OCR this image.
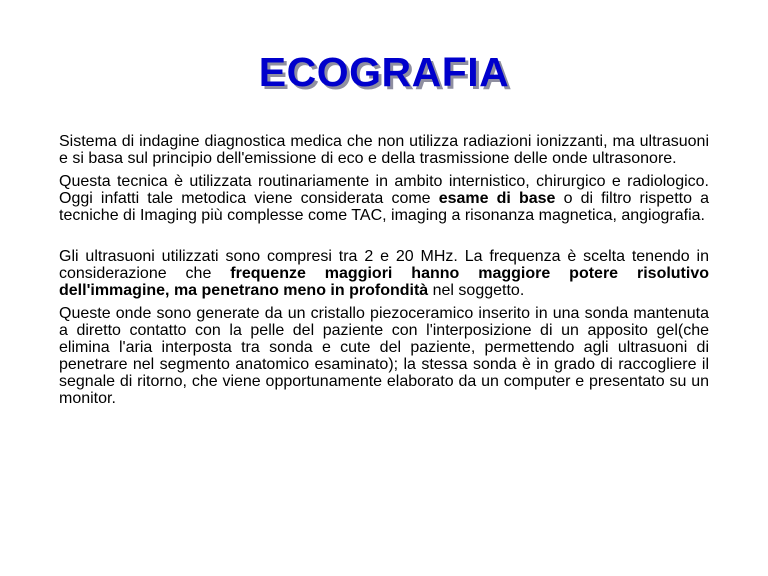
ECOGRAFIA

Sistema di indagine diagnostica medica che non utilizza radiazioni ionizzanti, ma ultrasuoni e si basa sul principio dell'emissione di eco e della trasmissione delle onde ultrasonore.

Questa tecnica è utilizzata routinariamente in ambito internistico, chirurgico e radiologico. Oggi infatti tale metodica viene considerata come esame di base o di filtro rispetto a tecniche di Imaging più complesse come TAC, imaging a risonanza magnetica, angiografia.

Gli ultrasuoni utilizzati sono compresi tra 2 e 20 MHz. La frequenza è scelta tenendo in considerazione che frequenze maggiori hanno maggiore potere risolutivo dell'immagine, ma penetrano meno in profondità nel soggetto.

Queste onde sono generate da un cristallo piezoceramico inserito in una sonda mantenuta a diretto contatto con la pelle del paziente con l'interposizione di un apposito gel(che elimina l'aria interposta tra sonda e cute del paziente, permettendo agli ultrasuoni di penetrare nel segmento anatomico esaminato); la stessa sonda è in grado di raccogliere il segnale di ritorno, che viene opportunamente elaborato da un computer e presentato su un monitor.
